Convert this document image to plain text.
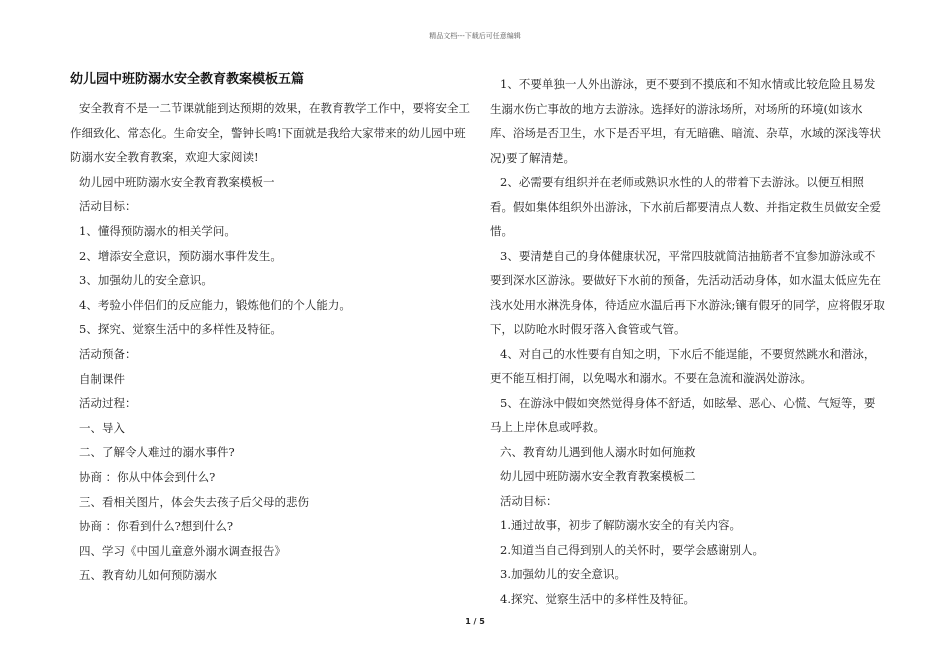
精品文档---下载后可任意编辑
幼儿园中班防溺水安全教育教案模板五篇

安全教育不是一二节课就能到达预期的效果，在教育教学工作中，要将安全工作细致化、常态化。生命安全，警钟长鸣!下面就是我给大家带来的幼儿园中班防溺水安全教育教案，欢迎大家阅读!

幼儿园中班防溺水安全教育教案模板一

活动目标：

1、懂得预防溺水的相关学问。

2、增添安全意识，预防溺水事件发生。

3、加强幼儿的安全意识。

4、考验小伴侣们的反应能力，锻炼他们的个人能力。

5、探究、觉察生活中的多样性及特征。

活动预备：

自制课件

活动过程：

一、导入

二、了解令人难过的溺水事件?

协商 ：你从中体会到什么?

三、看相关图片，体会失去孩子后父母的悲伤

协商 ：你看到什么?想到什么?

四、学习《中国儿童意外溺水调查报告》

五、教育幼儿如何预防溺水

1、不要单独一人外出游泳，更不要到不摸底和不知水情或比较危险且易发生溺水伤亡事故的地方去游泳。选择好的游泳场所，对场所的环境(如该水库、浴场是否卫生，水下是否平坦，有无暗礁、暗流、杂草，水域的深浅等状况)要了解清楚。

2、必需要有组织并在老师或熟识水性的人的带着下去游泳。以便互相照看。假如集体组织外出游泳，下水前后都要清点人数、并指定救生员做安全爱惜。

3、要清楚自己的身体健康状况，平常四肢就简洁抽筋者不宜参加游泳或不要到深水区游泳。要做好下水前的预备，先活动活动身体，如水温太低应先在浅水处用水淋洗身体，待适应水温后再下水游泳;镶有假牙的同学，应将假牙取下，以防呛水时假牙落入食管或气管。

4、对自己的水性要有自知之明，下水后不能逞能，不要贸然跳水和潜泳，更不能互相打闹，以免喝水和溺水。不要在急流和漩涡处游泳。

5、在游泳中假如突然觉得身体不舒适，如眩晕、恶心、心慌、气短等，要马上上岸休息或呼救。

六、教育幼儿遇到他人溺水时如何施救

幼儿园中班防溺水安全教育教案模板二

活动目标：

1.通过故事，初步了解防溺水安全的有关内容。

2.知道当自己得到别人的关怀时，要学会感谢别人。

3.加强幼儿的安全意识。

4.探究、觉察生活中的多样性及特征。

1 / 5
